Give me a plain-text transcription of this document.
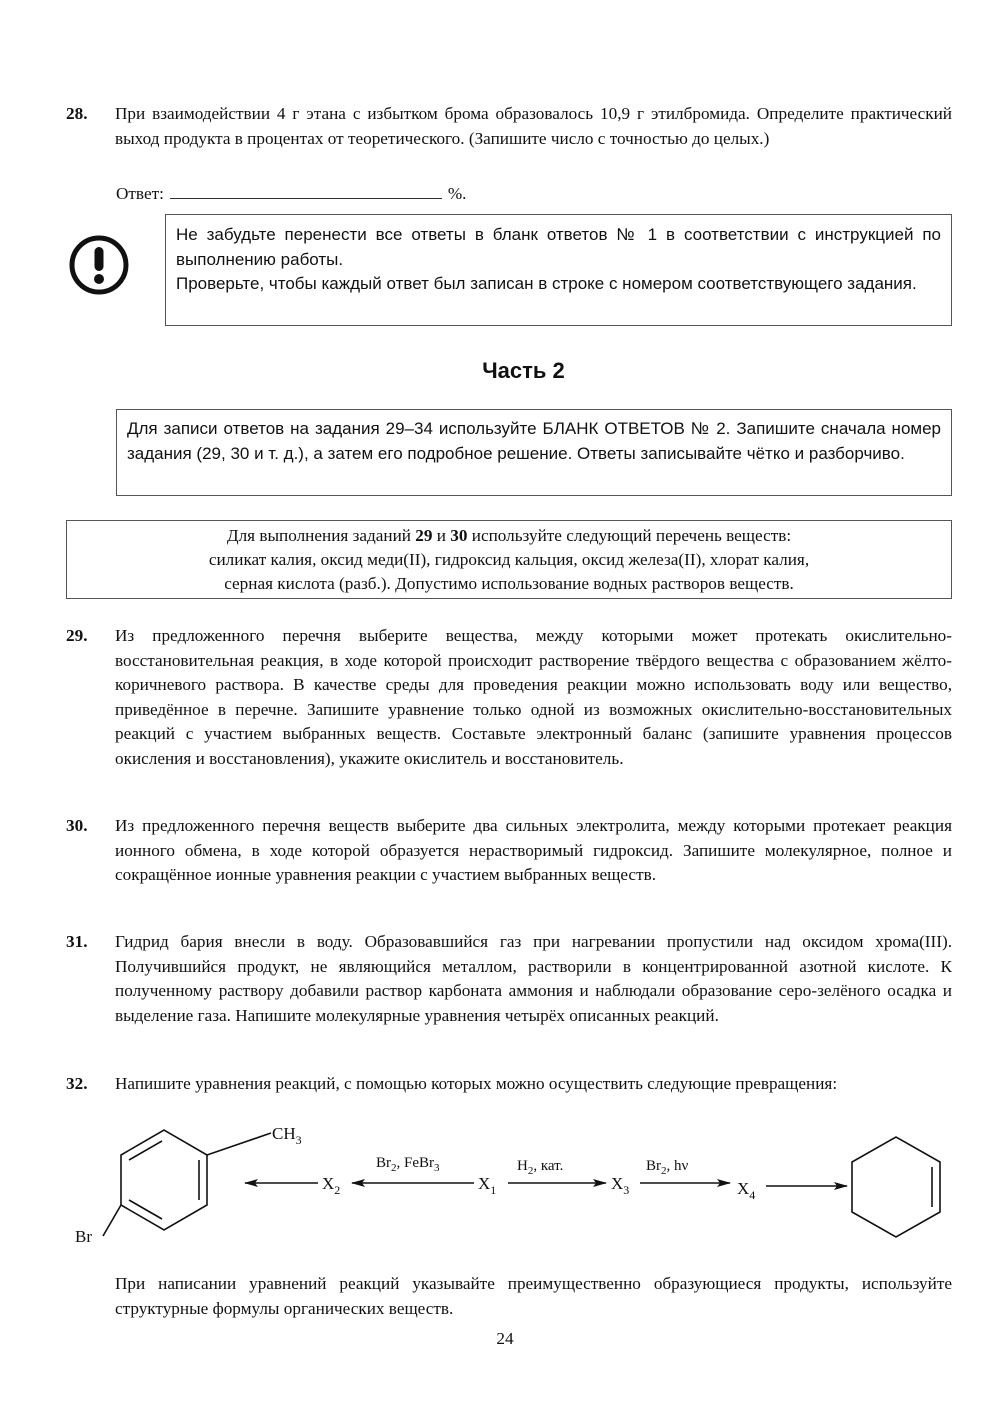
28. При взаимодействии 4 г этана с избытком брома образовалось 10,9 г этилбромида. Определите практический выход продукта в процентах от теоретического. (Запишите число с точностью до целых.)
Ответ:	%.
Не забудьте перенести все ответы в бланк ответов № 1 в соответствии с инструкцией по выполнению работы.
Проверьте, чтобы каждый ответ был записан в строке с номером соответствующего задания.
Часть 2
Для записи ответов на задания 29–34 используйте БЛАНК ОТВЕТОВ № 2. Запишите сначала номер задания (29, 30 и т. д.), а затем его подробное решение. Ответы записывайте чётко и разборчиво.
Для выполнения заданий 29 и 30 используйте следующий перечень веществ:
силикат калия, оксид меди(II), гидроксид кальция, оксид железа(II), хлорат калия,
серная кислота (разб.). Допустимо использование водных растворов веществ.
29. Из предложенного перечня выберите вещества, между которыми может протекать окислительно-восстановительная реакция, в ходе которой происходит растворение твёрдого вещества с образованием жёлто-коричневого раствора. В качестве среды для проведения реакции можно использовать воду или вещество, приведённое в перечне. Запишите уравнение только одной из возможных окислительно-восстановительных реакций с участием выбранных веществ. Составьте электронный баланс (запишите уравнения процессов окисления и восстановления), укажите окислитель и восстановитель.
30. Из предложенного перечня веществ выберите два сильных электролита, между которыми протекает реакция ионного обмена, в ходе которой образуется нерастворимый гидроксид. Запишите молекулярное, полное и сокращённое ионные уравнения реакции с участием выбранных веществ.
31. Гидрид бария внесли в воду. Образовавшийся газ при нагревании пропустили над оксидом хрома(III). Получившийся продукт, не являющийся металлом, растворили в концентрированной азотной кислоте. К полученному раствору добавили раствор карбоната аммония и наблюдали образование серо-зелёного осадка и выделение газа. Напишите молекулярные уравнения четырёх описанных реакций.
32. Напишите уравнения реакций, с помощью которых можно осуществить следующие превращения:
$CH_3$
Br
$X_2$	$X_1$	$X_3$	$X_4$
$Br_2$, FeBr$_3$	$H_2$, кат.	$Br_2$, hν
При написании уравнений реакций указывайте преимущественно образующиеся продукты, используйте структурные формулы органических веществ.
24
